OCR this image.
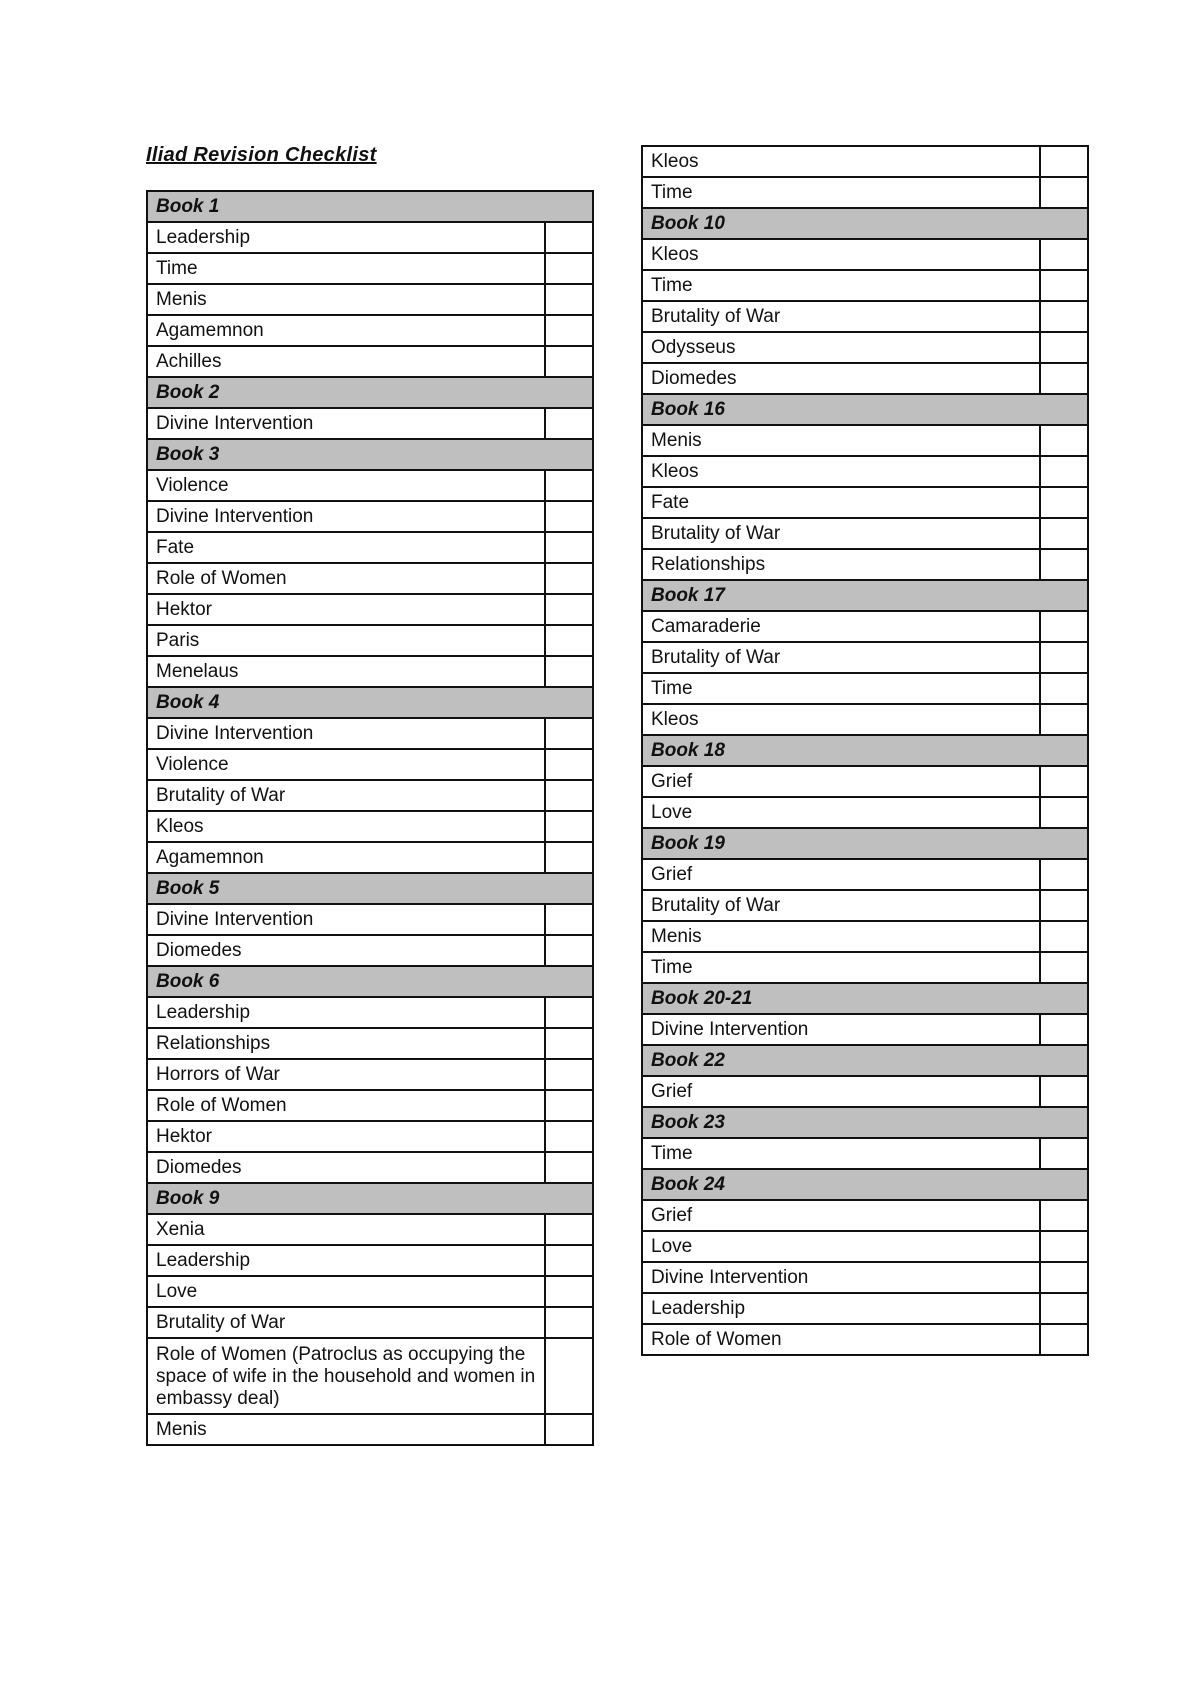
Iliad Revision Checklist
Book 1	
Leadership	
Time	
Menis	
Agamemnon	
Achilles	
Book 2	
Divine Intervention	
Book 3	
Violence	
Divine Intervention	
Fate	
Role of Women	
Hektor	
Paris	
Menelaus	
Book 4	
Divine Intervention	
Violence	
Brutality of War	
Kleos	
Agamemnon	
Book 5	
Divine Intervention	
Diomedes	
Book 6	
Leadership	
Relationships	
Horrors of War	
Role of Women	
Hektor	
Diomedes	
Book 9	
Xenia	
Leadership	
Love	
Brutality of War	
Role of Women (Patroclus as occupying the space of wife in the household and women in embassy deal)	
Menis	
Kleos	
Time	
Book 10	
Kleos	
Time	
Brutality of War	
Odysseus	
Diomedes	
Book 16	
Menis	
Kleos	
Fate	
Brutality of War	
Relationships	
Book 17	
Camaraderie	
Brutality of War	
Time	
Kleos	
Book 18	
Grief	
Love	
Book 19	
Grief	
Brutality of War	
Menis	
Time	
Book 20-21	
Divine Intervention	
Book 22	
Grief	
Book 23	
Time	
Book 24	
Grief	
Love	
Divine Intervention	
Leadership	
Role of Women	
